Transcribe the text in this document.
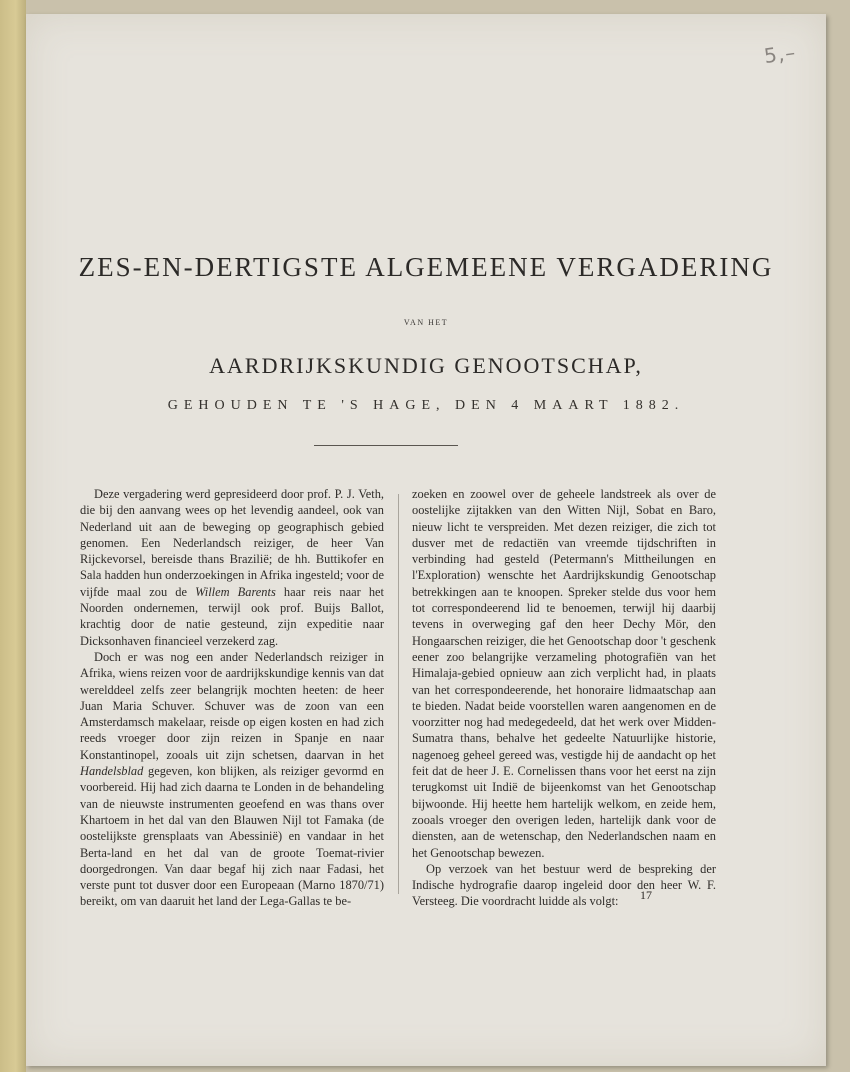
5,–
ZES-EN-DERTIGSTE ALGEMEENE VERGADERING
VAN HET
AARDRIJKSKUNDIG GENOOTSCHAP,
GEHOUDEN TE 'S HAGE, DEN 4 MAART 1882.

Deze vergadering werd gepresideerd door prof. P. J. Veth, die bij den aanvang wees op het levendig aandeel, ook van Nederland uit aan de beweging op geographisch gebied genomen. Een Nederlandsch reiziger, de heer Van Rijckevorsel, bereisde thans Brazilië; de hh. Buttikofer en Sala hadden hun onderzoekingen in Afrika ingesteld; voor de vijfde maal zou de Willem Barents haar reis naar het Noorden ondernemen, terwijl ook prof. Buijs Ballot, krachtig door de natie gesteund, zijn expeditie naar Dicksonhaven financieel verzekerd zag.

Doch er was nog een ander Nederlandsch reiziger in Afrika, wiens reizen voor de aardrijkskundige kennis van dat werelddeel zelfs zeer belangrijk mochten heeten: de heer Juan Maria Schuver. Schuver was de zoon van een Amsterdamsch makelaar, reisde op eigen kosten en had zich reeds vroeger door zijn reizen in Spanje en naar Konstantinopel, zooals uit zijn schetsen, daarvan in het Handelsblad gegeven, kon blijken, als reiziger gevormd en voorbereid. Hij had zich daarna te Londen in de behandeling van de nieuwste instrumenten geoefend en was thans over Khartoem in het dal van den Blauwen Nijl tot Famaka (de oostelijkste grensplaats van Abessinië) en vandaar in het Berta-land en het dal van de groote Toemat-rivier doorgedrongen. Van daar begaf hij zich naar Fadasi, het verste punt tot dusver door een Europeaan (Marno 1870/71) bereikt, om van daaruit het land der Lega-Gallas te be-

zoeken en zoowel over de geheele landstreek als over de oostelijke zijtakken van den Witten Nijl, Sobat en Baro, nieuw licht te verspreiden. Met dezen reiziger, die zich tot dusver met de redactiën van vreemde tijdschriften in verbinding had gesteld (Petermann's Mittheilungen en l'Exploration) wenschte het Aardrijkskundig Genootschap betrekkingen aan te knoopen. Spreker stelde dus voor hem tot correspondeerend lid te benoemen, terwijl hij daarbij tevens in overweging gaf den heer Dechy Mör, den Hongaarschen reiziger, die het Genootschap door 't geschenk eener zoo belangrijke verzameling photografiën van het Himalaja-gebied opnieuw aan zich verplicht had, in plaats van het correspondeerende, het honoraire lidmaatschap aan te bieden. Nadat beide voorstellen waren aangenomen en de voorzitter nog had medegedeeld, dat het werk over Midden-Sumatra thans, behalve het gedeelte Natuurlijke historie, nagenoeg geheel gereed was, vestigde hij de aandacht op het feit dat de heer J. E. Cornelissen thans voor het eerst na zijn terugkomst uit Indië de bijeenkomst van het Genootschap bijwoonde. Hij heette hem hartelijk welkom, en zeide hem, zooals vroeger den overigen leden, hartelijk dank voor de diensten, aan de wetenschap, den Nederlandschen naam en het Genootschap bewezen.

Op verzoek van het bestuur werd de bespreking der Indische hydrografie daarop ingeleid door den heer W. F. Versteeg. Die voordracht luidde als volgt:	17
